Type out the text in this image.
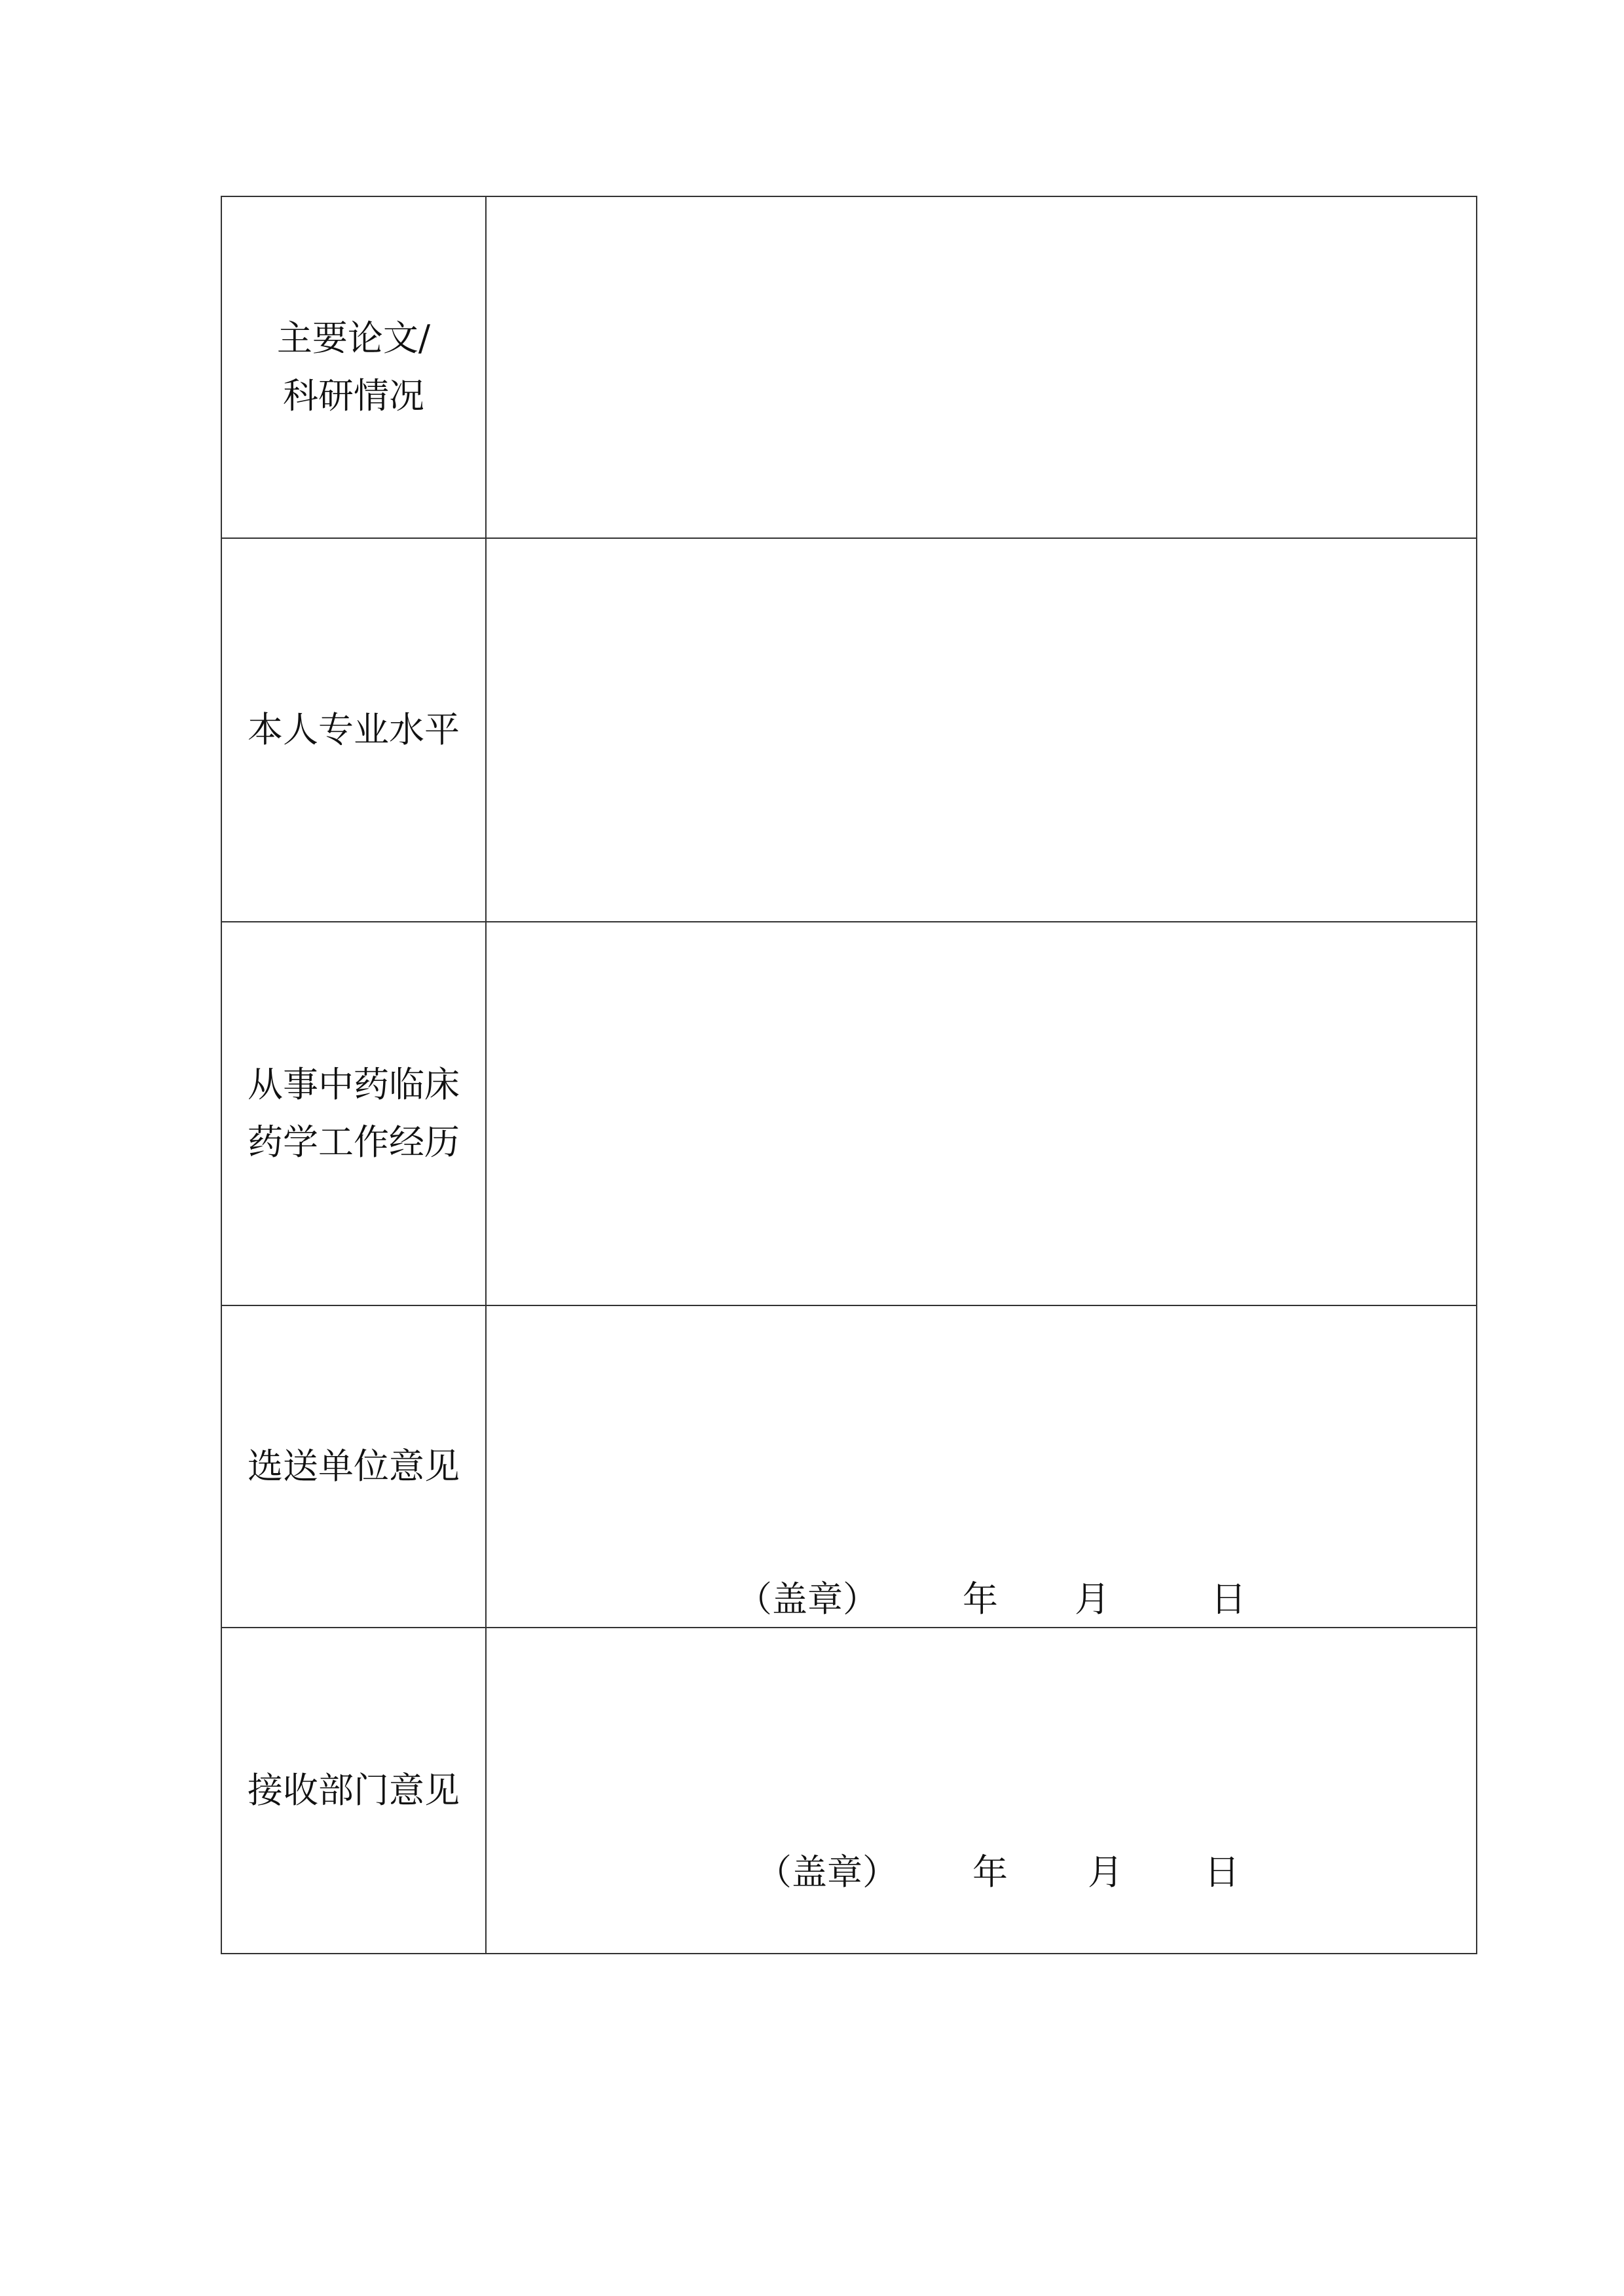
主要论文/
科研情况	

本人专业水平	

从事中药临床
药学工作经历	

选送单位意见	（盖章） 年 月 日

接收部门意见	（盖章） 年 月 日
